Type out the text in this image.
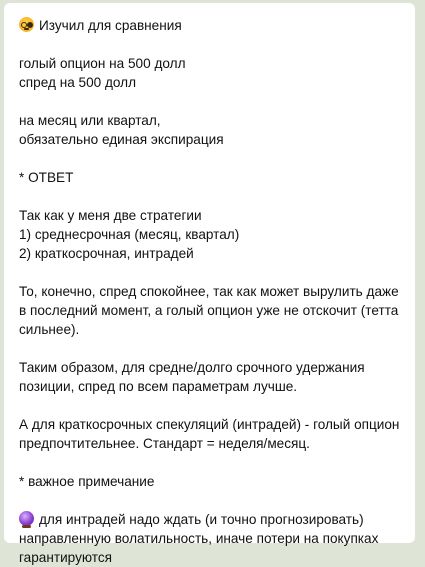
Изучил для сравнения
голый опцион на 500 долл
спред на 500 долл
на месяц или квартал,
обязательно единая экспирация
* ОТВЕТ
Так как у меня две стратегии
1) среднесрочная (месяц, квартал)
2) краткосрочная, интрадей
То, конечно, спред спокойнее, так как может вырулить даже в последний момент, а голый опцион уже не отскочит (тетта сильнее).
Таким образом, для средне/долго срочного удержания позиции, спред по всем параметрам лучше.
А для краткосрочных спекуляций (интрадей) - голый опцион предпочтительнее. Стандарт = неделя/месяц.
* важное примечание
для интрадей надо ждать (и точно прогнозировать) направленную волатильность, иначе потери на покупках гарантируются
